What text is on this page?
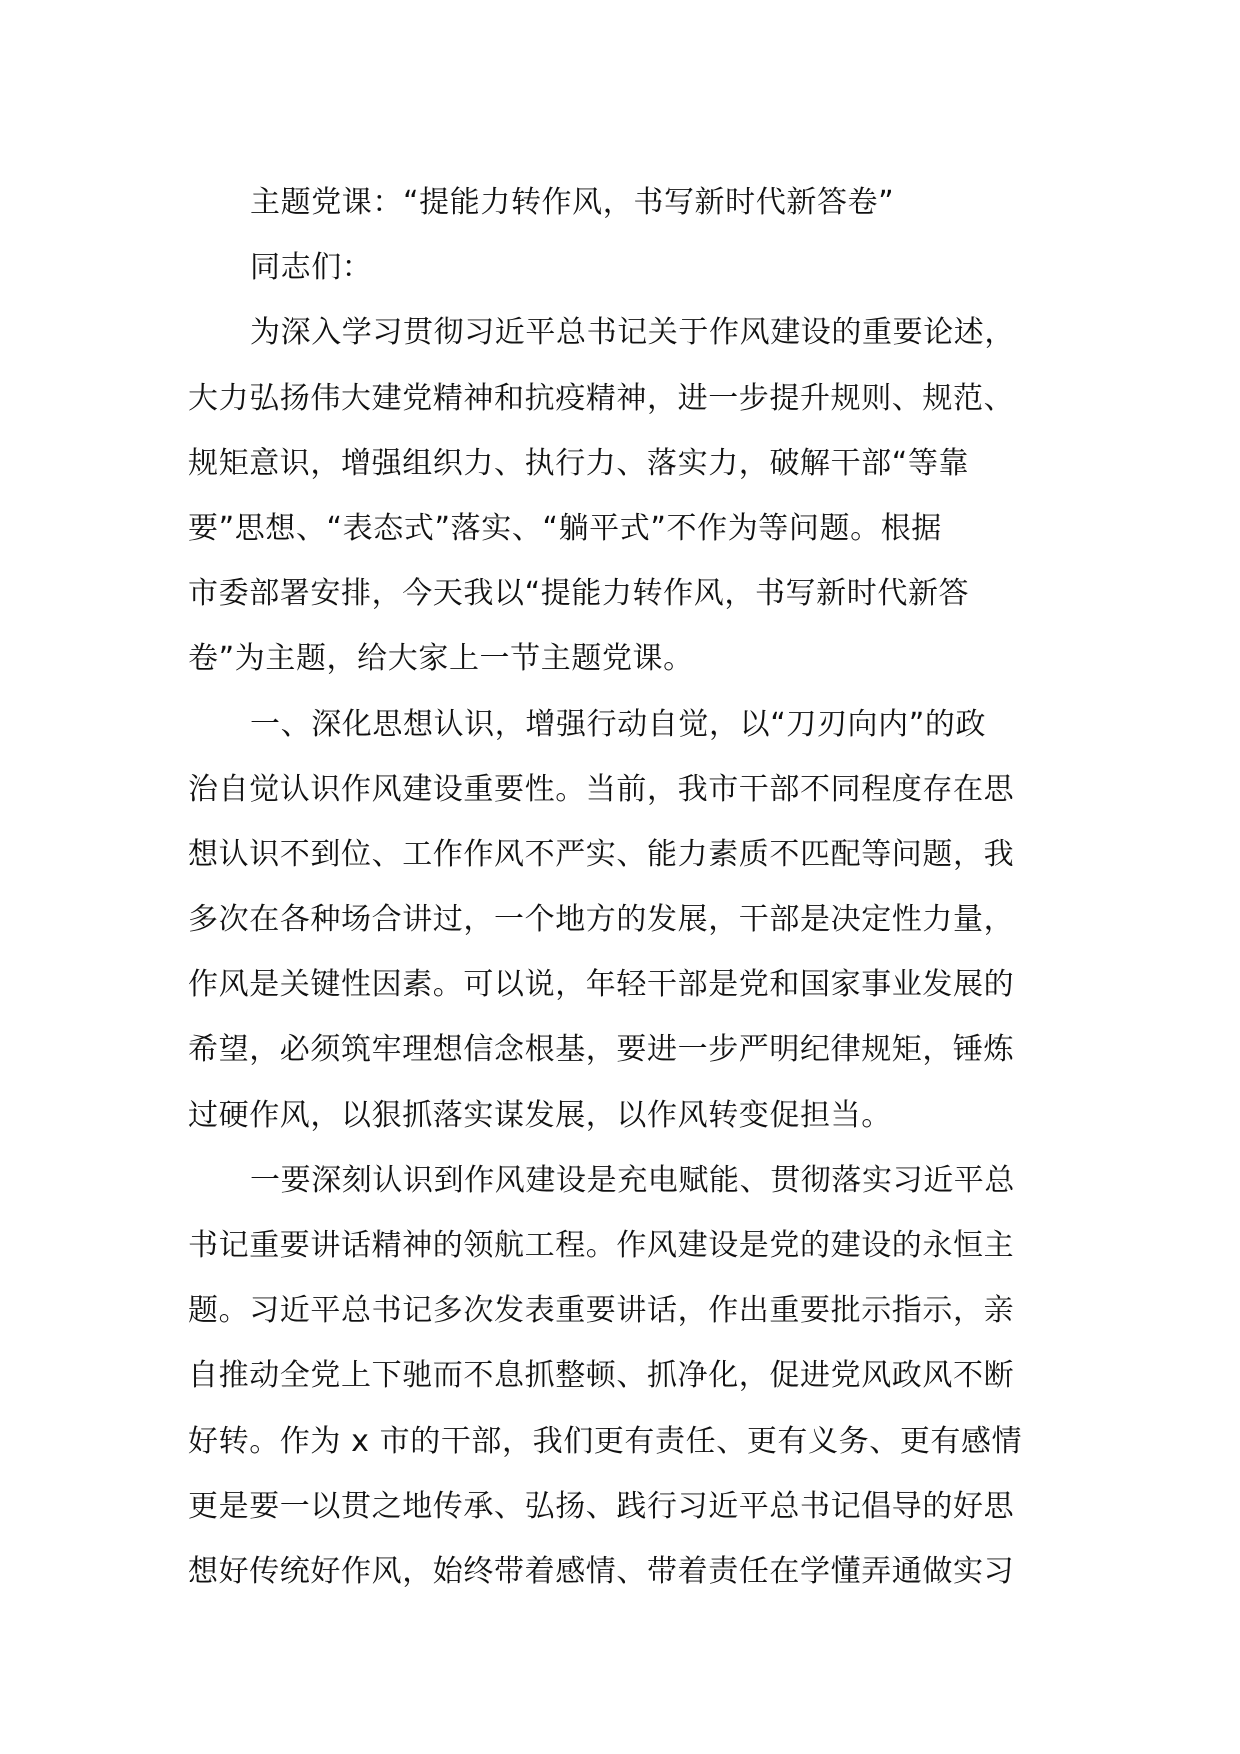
主题党课：“提能力转作风，书写新时代新答卷”
同志们：
为深入学习贯彻习近平总书记关于作风建设的重要论述，
大力弘扬伟大建党精神和抗疫精神，进一步提升规则、规范、
规矩意识，增强组织力、执行力、落实力，破解干部“等靠
要”思想、“表态式”落实、“躺平式”不作为等问题。根据
市委部署安排，今天我以“提能力转作风，书写新时代新答
卷”为主题，给大家上一节主题党课。
一、深化思想认识，增强行动自觉，以“刀刃向内”的政
治自觉认识作风建设重要性。当前，我市干部不同程度存在思
想认识不到位、工作作风不严实、能力素质不匹配等问题，我
多次在各种场合讲过，一个地方的发展，干部是决定性力量，
作风是关键性因素。可以说，年轻干部是党和国家事业发展的
希望，必须筑牢理想信念根基，要进一步严明纪律规矩，锤炼
过硬作风，以狠抓落实谋发展，以作风转变促担当。
一要深刻认识到作风建设是充电赋能、贯彻落实习近平总
书记重要讲话精神的领航工程。作风建设是党的建设的永恒主
题。习近平总书记多次发表重要讲话，作出重要批示指示，亲
自推动全党上下驰而不息抓整顿、抓净化，促进党风政风不断
好转。作为 x 市的干部，我们更有责任、更有义务、更有感情
更是要一以贯之地传承、弘扬、践行习近平总书记倡导的好思
想好传统好作风，始终带着感情、带着责任在学懂弄通做实习
